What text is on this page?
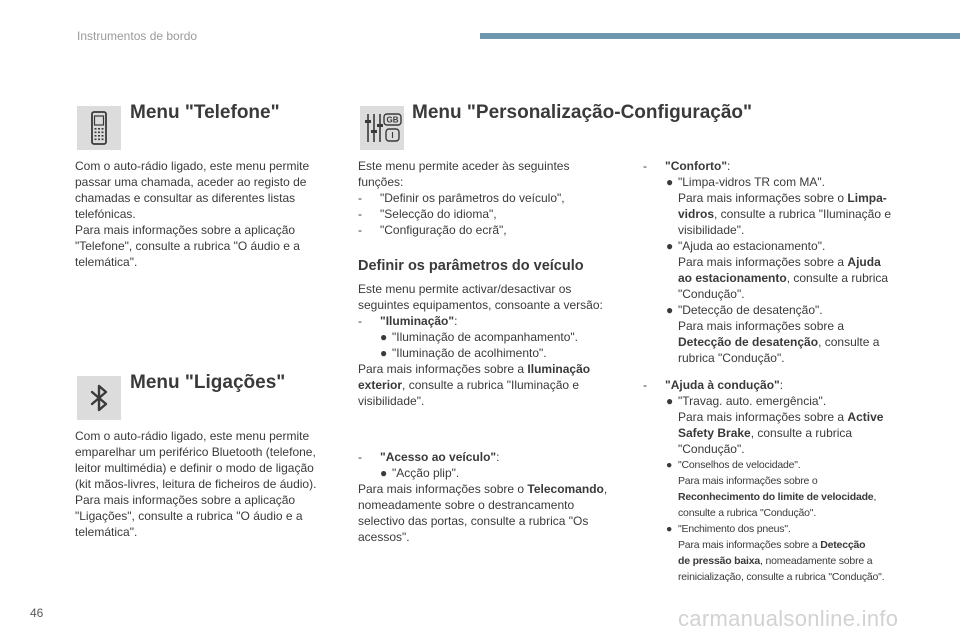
Instrumentos de bordo
Menu "Telefone"

Com o auto-rádio ligado, este menu permite

passar uma chamada, aceder ao registo de

chamadas e consultar as diferentes listas

telefónicas.

Para mais informações sobre a aplicação

"Telefone", consulte a rubrica "O áudio e a

telemática".

Menu "Ligações"

Com o auto-rádio ligado, este menu permite

emparelhar um periférico Bluetooth (telefone,

leitor multimédia) e definir o modo de ligação

(kit mãos-livres, leitura de ficheiros de áudio).

Para mais informações sobre a aplicação

"Ligações", consulte a rubrica "O áudio e a

telemática".

GB
I
Menu "Personalização-Configuração"

Este menu permite aceder às seguintes

funções:

- "Definir os parâmetros do veículo",

- "Selecção do idioma",

- "Configuração do ecrã",

Definir os parâmetros do veículo

Este menu permite activar/desactivar os

seguintes equipamentos, consoante a versão:

- "Iluminação":

● "Iluminação de acompanhamento".

● "Iluminação de acolhimento".

Para mais informações sobre a Iluminação

exterior, consulte a rubrica "Iluminação e

visibilidade".

- "Acesso ao veículo":

● "Acção plip".

Para mais informações sobre o Telecomando,

nomeadamente sobre o destrancamento

selectivo das portas, consulte a rubrica "Os

acessos".

- "Conforto":

● "Limpa-vidros TR com MA".

Para mais informações sobre o Limpa-

vidros, consulte a rubrica "Iluminação e

visibilidade".

● "Ajuda ao estacionamento".

Para mais informações sobre a Ajuda

ao estacionamento, consulte a rubrica

"Condução".

● "Detecção de desatenção".

Para mais informações sobre a

Detecção de desatenção, consulte a

rubrica "Condução".

- "Ajuda à condução":

● "Travag. auto. emergência".

Para mais informações sobre a Active

Safety Brake, consulte a rubrica

"Condução".

● "Conselhos de velocidade".

Para mais informações sobre o

Reconhecimento do limite de velocidade,

consulte a rubrica "Condução".

● "Enchimento dos pneus".

Para mais informações sobre a Detecção

de pressão baixa, nomeadamente sobre a

reinicialização, consulte a rubrica "Condução".

46	carmanualsonline.info
